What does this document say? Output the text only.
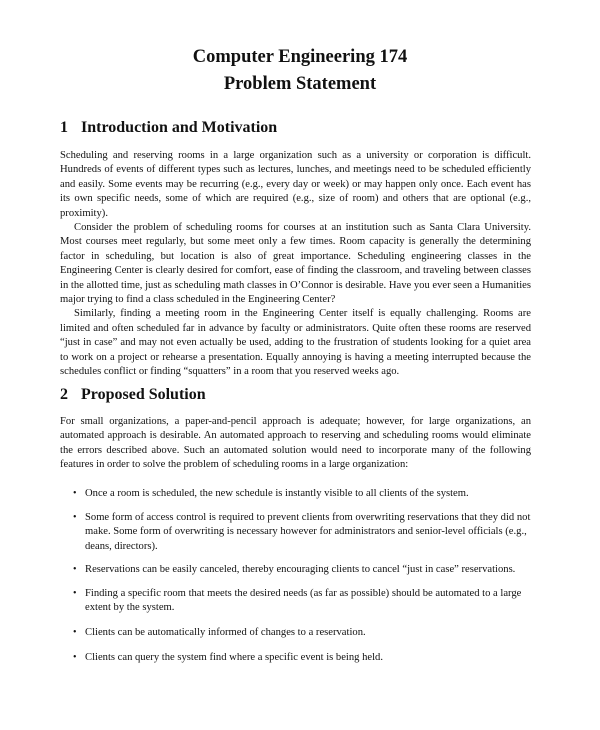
Computer Engineering 174
Problem Statement
1 Introduction and Motivation

Scheduling and reserving rooms in a large organization such as a university or corporation is difficult. Hundreds of events of different types such as lectures, lunches, and meetings need to be scheduled efficiently and easily. Some events may be recurring (e.g., every day or week) or may happen only once. Each event has its own specific needs, some of which are required (e.g., size of room) and others that are optional (e.g., proximity).

Consider the problem of scheduling rooms for courses at an institution such as Santa Clara University. Most courses meet regularly, but some meet only a few times. Room capacity is generally the determining factor in scheduling, but location is also of great importance. Scheduling engineering classes in the Engineering Center is clearly desired for comfort, ease of finding the classroom, and traveling between classes in the allotted time, just as scheduling math classes in O’Connor is desirable. Have you ever seen a Humanities major trying to find a class scheduled in the Engineering Center?

Similarly, finding a meeting room in the Engineering Center itself is equally challenging. Rooms are limited and often scheduled far in advance by faculty or administrators. Quite often these rooms are reserved “just in case” and may not even actually be used, adding to the frustration of students looking for a quiet area to work on a project or rehearse a presentation. Equally annoying is having a meeting interrupted because the schedules conflict or finding “squatters” in a room that you reserved weeks ago.

2 Proposed Solution

For small organizations, a paper-and-pencil approach is adequate; however, for large organizations, an automated approach is desirable. An automated approach to reserving and scheduling rooms would eliminate the errors described above. Such an automated solution would need to incorporate many of the following features in order to solve the problem of scheduling rooms in a large organization:

• Once a room is scheduled, the new schedule is instantly visible to all clients of the system.
• Some form of access control is required to prevent clients from overwriting reservations that they did not make. Some form of overwriting is necessary however for administrators and senior-level officials (e.g., deans, directors).
• Reservations can be easily canceled, thereby encouraging clients to cancel “just in case” reservations.
• Finding a specific room that meets the desired needs (as far as possible) should be automated to a large extent by the system.
• Clients can be automatically informed of changes to a reservation.
• Clients can query the system find where a specific event is being held.
